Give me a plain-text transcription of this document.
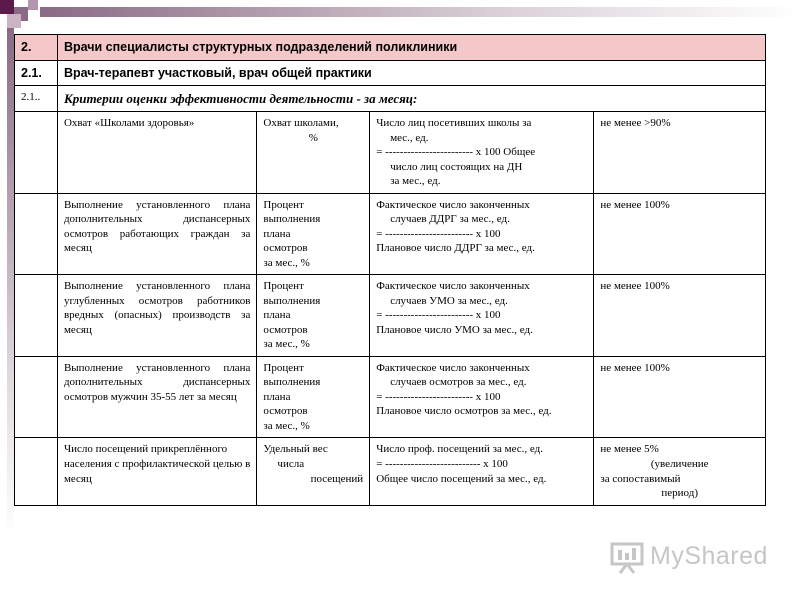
2.	Врачи специалисты структурных подразделений поликлиники			
2.1.	Врач-терапевт участковый, врач общей практики			
2.1..	Критерии оценки эффективности деятельности - за месяц:			
	Охват «Школами здоровья»	Охват школами,
%	Число лиц посетивших школы за
мес., ед.
= ------------------------ х 100 Общее
число лиц состоящих на ДН
за мес., ед.	не менее >90%
	Выполнение установленного плана дополнительных диспансерных осмотров работающих граждан за месяц	Процент
выполнения
плана
осмотров
за мес., %	Фактическое число законченных
случаев ДДРГ за мес., ед.
= ------------------------ х 100
Плановое число ДДРГ за мес., ед.	не менее 100%
	Выполнение установленного плана углубленных осмотров работников вредных (опасных) производств за месяц	Процент
выполнения
плана
осмотров
за мес., %	Фактическое число законченных
случаев УМО за мес., ед.
= ------------------------ х 100
Плановое число УМО за мес., ед.	не менее 100%
	Выполнение установленного плана дополнительных диспансерных осмотров мужчин 35-55 лет за месяц	Процент
выполнения
плана
осмотров
за мес., %	Фактическое число законченных
случаев осмотров за мес., ед.
= ------------------------ х 100
Плановое число осмотров за мес., ед.	не менее 100%
	Число посещений прикреплённого населения с профилактической целью в месяц	Удельный вес
числа
посещений	Число проф. посещений за мес., ед.
= -------------------------- х 100
Общее число посещений за мес., ед.	не менее 5%
(увеличение
за сопоставимый
период)
MyShared
